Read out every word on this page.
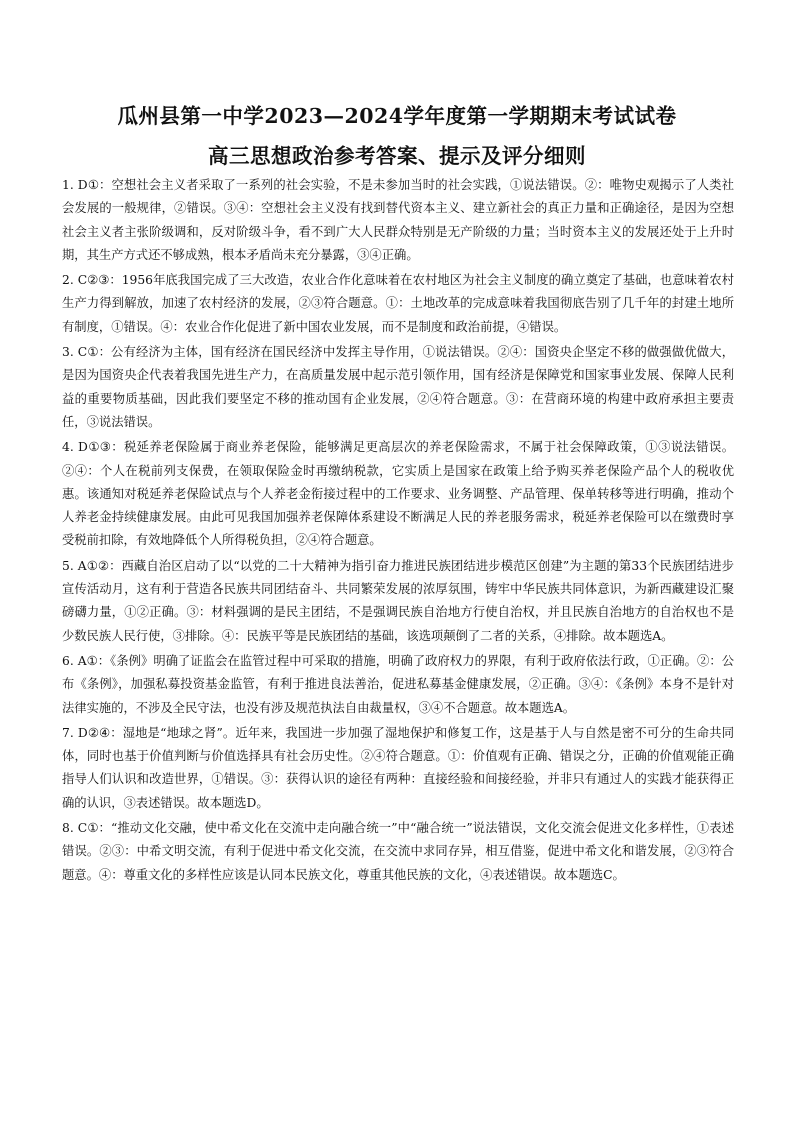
瓜州县第一中学2023—2024学年度第一学期期末考试试卷
高三思想政治参考答案、提示及评分细则

1. D①：空想社会主义者采取了一系列的社会实验，不是未参加当时的社会实践，①说法错误。②：唯物史观揭示了人类社会发展的一般规律，②错误。③④：空想社会主义没有找到替代资本主义、建立新社会的真正力量和正确途径，是因为空想社会主义者主张阶级调和，反对阶级斗争，看不到广大人民群众特别是无产阶级的力量；当时资本主义的发展还处于上升时期，其生产方式还不够成熟，根本矛盾尚未充分暴露，③④正确。

2. C②③：1956年底我国完成了三大改造，农业合作化意味着在农村地区为社会主义制度的确立奠定了基础，也意味着农村生产力得到解放，加速了农村经济的发展，②③符合题意。①：土地改革的完成意味着我国彻底告别了几千年的封建土地所有制度，①错误。④：农业合作化促进了新中国农业发展，而不是制度和政治前提，④错误。

3. C①：公有经济为主体，国有经济在国民经济中发挥主导作用，①说法错误。②④：国资央企坚定不移的做强做优做大，是因为国资央企代表着我国先进生产力，在高质量发展中起示范引领作用，国有经济是保障党和国家事业发展、保障人民利益的重要物质基础，因此我们要坚定不移的推动国有企业发展，②④符合题意。③：在营商环境的构建中政府承担主要责任，③说法错误。

4. D①③：税延养老保险属于商业养老保险，能够满足更高层次的养老保险需求，不属于社会保障政策，①③说法错误。②④：个人在税前列支保费，在领取保险金时再缴纳税款，它实质上是国家在政策上给予购买养老保险产品个人的税收优惠。该通知对税延养老保险试点与个人养老金衔接过程中的工作要求、业务调整、产品管理、保单转移等进行明确，推动个人养老金持续健康发展。由此可见我国加强养老保障体系建设不断满足人民的养老服务需求，税延养老保险可以在缴费时享受税前扣除，有效地降低个人所得税负担，②④符合题意。

5. A①②：西藏自治区启动了以“以党的二十大精神为指引奋力推进民族团结进步模范区创建”为主题的第33个民族团结进步宣传活动月，这有利于营造各民族共同团结奋斗、共同繁荣发展的浓厚氛围，铸牢中华民族共同体意识，为新西藏建设汇聚磅礴力量，①②正确。③：材料强调的是民主团结，不是强调民族自治地方行使自治权，并且民族自治地方的自治权也不是少数民族人民行使，③排除。④：民族平等是民族团结的基础，该选项颠倒了二者的关系，④排除。故本题选A。

6. A①：《条例》明确了证监会在监管过程中可采取的措施，明确了政府权力的界限，有利于政府依法行政，①正确。②：公布《条例》，加强私募投资基金监管，有利于推进良法善治，促进私募基金健康发展，②正确。③④：《条例》本身不是针对法律实施的，不涉及全民守法，也没有涉及规范执法自由裁量权，③④不合题意。故本题选A。

7. D②④：湿地是“地球之肾”。近年来，我国进一步加强了湿地保护和修复工作，这是基于人与自然是密不可分的生命共同体，同时也基于价值判断与价值选择具有社会历史性。②④符合题意。①：价值观有正确、错误之分，正确的价值观能正确指导人们认识和改造世界，①错误。③：获得认识的途径有两种：直接经验和间接经验，并非只有通过人的实践才能获得正确的认识，③表述错误。故本题选D。

8. C①：“推动文化交融，使中希文化在交流中走向融合统一”中“融合统一”说法错误，文化交流会促进文化多样性，①表述错误。②③：中希文明交流，有利于促进中希文化交流，在交流中求同存异，相互借鉴，促进中希文化和谐发展，②③符合题意。④：尊重文化的多样性应该是认同本民族文化，尊重其他民族的文化，④表述错误。故本题选C。
